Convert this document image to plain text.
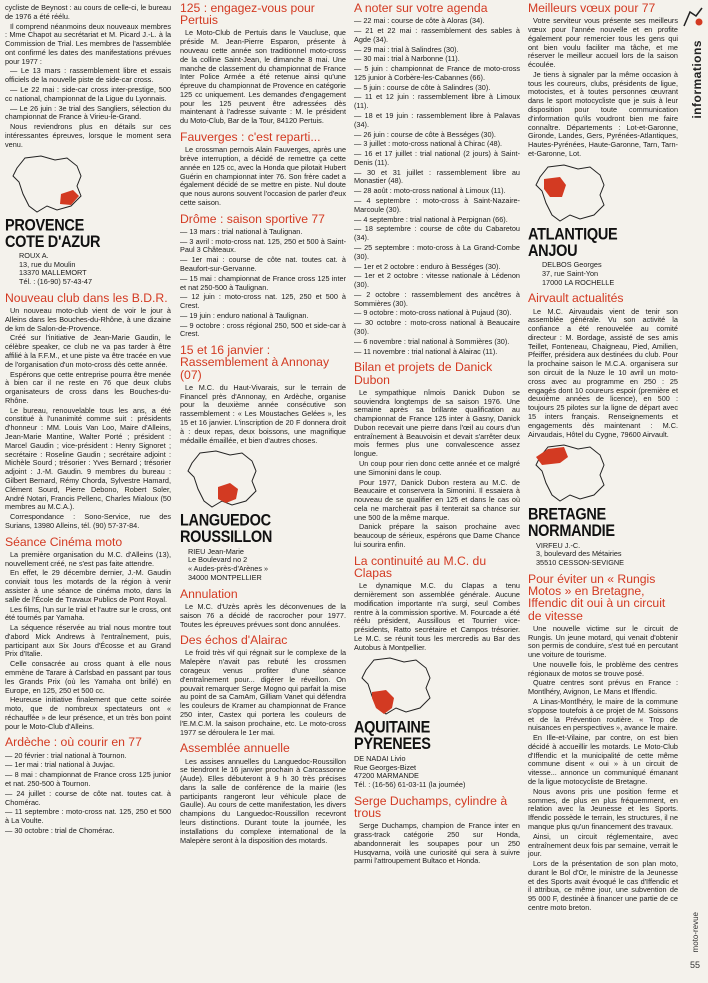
cycliste de Beynost : au cours de celle-ci, le bureau de 1976 a été réélu.

Il comprend néanmoins deux nouveaux membres : Mme Chapot au secrétariat et M. Picard J.-L. à la Commission de Trial. Les membres de l'assemblée ont confirmé les dates des manifestations prévues pour 1977 :

— Le 13 mars : rassemblement libre et essais officiels de la nouvelle piste de side-car cross.

— Le 22 mai : side-car cross inter-prestige, 500 cc national, championnat de la Ligue du Lyonnais.

— Le 26 juin : 3e trial des Sangliers, sélection du championnat de France à Virieu-le-Grand.

Nous reviendrons plus en détails sur ces intéressantes épreuves, lorsque le moment sera venu.

PROVENCE
COTE D'AZUR
ROUX A.
13, rue du Moulin
13370 MALLEMORT
Tél. : (16-90) 57-43-47
Nouveau club dans les B.D.R.

Un nouveau moto-club vient de voir le jour à Alleins dans les Bouches-du-Rhône, à une dizaine de km de Salon-de-Provence.

Créé sur l'initiative de Jean-Marie Gaudin, le célèbre speaker, ce club ne va pas tarder à être affilié à la F.F.M., et une piste va être tracée en vue de l'organisation d'un moto-cross dès cette année.

Espérons que cette entreprise pourra être menée à bien car il ne reste en 76 que deux clubs organisateurs de cross dans les Bouches-du-Rhône.

Le bureau, renouvelable tous les ans, a été constitué à l'unanimité comme suit : présidents d'honneur : MM. Louis Van Loo, Maire d'Alleins, Jean-Marie Mantine, Walter Porté ; président : Marcel Gaudin ; vice-président : Henry Signoret ; secrétaire : Roseline Gaudin ; secrétaire adjoint : Michèle Sourd ; trésorier : Yves Bernard ; trésorier adjoint : J.-M. Gaudin. 9 membres du bureau : Gilbert Bernard, Rémy Chorda, Sylvestre Hamard, Clément Sourd, Pierre Debono, Robert Soler, André Notari, Francis Pellenc, Charles Mialoux (50 membres au M.C.A.).

Correspondance : Sono-Service, rue des Surians, 13980 Alleins, tél. (90) 57-37-84.

Séance Cinéma moto

La première organisation du M.C. d'Alleins (13), nouvellement créé, ne s'est pas faite attendre.

En effet, le 29 décembre dernier, J.-M. Gaudin conviait tous les motards de la région à venir assister à une séance de cinéma moto, dans la salle de l'École de Travaux Publics de Pont Royal.

Les films, l'un sur le trial et l'autre sur le cross, ont été tournés par Yamaha.

La séquence réservée au trial nous montre tout d'abord Mick Andrews à l'entraînement, puis, participant aux Six Jours d'Écosse et au Grand Prix d'Italie.

Celle consacrée au cross quant à elle nous emmène de Tarare à Carlsbad en passant par tous les Grands Prix (où les Yamaha ont brillé) en Europe, en 125, 250 et 500 cc.

Heureuse initiative finalement que cette soirée moto, que de nombreux spectateurs ont « réchauffée » de leur présence, et un très bon point pour le Moto-Club d'Alleins.

Ardèche : où courir en 77

— 20 février : trial national à Tournon.

— 1er mai : trial national à Juvjac.

— 8 mai : championnat de France cross 125 junior et nat. 250-500 à Tournon.

— 24 juillet : course de côte nat. toutes cat. à Chomérac.

— 11 septembre : moto-cross nat. 125, 250 et 500 à La Voulte.

— 30 octobre : trial de Chomérac.

125 : engagez-vous pour Pertuis

Le Moto-Club de Pertuis dans le Vaucluse, que préside M. Jean-Pierre Esparon, présente à nouveau cette année son traditionnel moto-cross de la colline Saint-Jean, le dimanche 8 mai. Une manche de classement du championnat de France Inter Police Armée a été retenue ainsi qu'une épreuve du championnat de Provence en catégorie 125 cc uniquement. Les demandes d'engagement pour les 125 peuvent être adressées dès maintenant à l'adresse suivante : M. le président du Moto-Club, Bar de la Tour, 84120 Pertuis.

Fauverges : c'est reparti...

Le crossman pernois Alain Fauverges, après une brève interruption, a décidé de remettre ça cette année en 125 cc, avec la Honda que pilotait Hubert Guérin en championnat inter 76. Son frère cadet a également décidé de se mettre en piste. Nul doute que nous aurons souvent l'occasion de parler d'eux cette saison.

Drôme : saison sportive 77

— 13 mars : trial national à Taulignan.

— 3 avril : moto-cross nat. 125, 250 et 500 à Saint-Paul 3 Châteaux.

— 1er mai : course de côte nat. toutes cat. à Beaufort-sur-Gervanne.

— 15 mai : championnat de France cross 125 inter et nat 250-500 à Taulignan.

— 12 juin : moto-cross nat. 125, 250 et 500 à Crest.

— 19 juin : enduro national à Taulignan.

— 9 octobre : cross régional 250, 500 et side-car à Crest.

15 et 16 janvier : Rassemblement à Annonay (07)

Le M.C. du Haut-Vivarais, sur le terrain de Financel près d'Annonay, en Ardèche, organise pour la deuxième année consécutive son rassemblement : « Les Moustaches Gelées », les 15 et 16 janvier. L'inscription de 20 F donnera droit à : deux repas, deux boissons, une magnifique médaille émaillée, et bien d'autres choses.

LANGUEDOC
ROUSSILLON
RIEU Jean-Marie
Le Boulevard no 2
« Audes-près-d'Arènes »
34000 MONTPELLIER
Annulation

Le M.C. d'Uzès après les déconvenues de la saison 76 a décidé de raccrocher pour 1977. Toutes les épreuves prévues sont donc annulées.

Des échos d'Alairac

Le froid très vif qui régnait sur le complexe de la Malepère n'avait pas rebuté les crossmen corageux venus profiter d'une séance d'entraînement pour... digérer le réveillon. On pouvait remarquer Serge Mogno qui parfait la mise au point de sa CamAm, Gilliam Vanet qui défendra les couleurs de Kramer au championnat de France 250 inter, Castex qui portera les couleurs de l'E.M.C.M. la saison prochaine, etc. Le moto-cross 1977 se déroulera le 1er mai.

Assemblée annuelle

Les assises annuelles du Languedoc-Roussillon se tiendront le 16 janvier prochain à Carcassonne (Aude). Elles débuteront à 9 h 30 très précises dans la salle de conférence de la mairie (les participants rangeront leur véhicule place de Gaulle). Au cours de cette manifestation, les divers champions du Languedoc-Roussillon recevront leurs distinctions. Durant toute la journée, les installations du complexe international de la Malepère seront à la disposition des motards.

A noter sur votre agenda

— 22 mai : course de côte à Aloras (34).

— 21 et 22 mai : rassemblement des sables à Agde (34).

— 29 mai : trial à Salindres (30).

— 30 mai : trial à Narbonne (11).

— 5 juin : championnat de France de moto-cross 125 junior à Corbère-les-Cabannes (66).

— 5 juin : course de côte à Salindres (30).

— 11 et 12 juin : rassemblement libre à Limoux (11).

— 18 et 19 juin : rassemblement libre à Palavas (34).

— 26 juin : course de côte à Bességes (30).

— 3 juillet : moto-cross national à Chirac (48).

— 16 et 17 juillet : trial national (2 jours) à Saint-Denis (11).

— 30 et 31 juillet : rassemblement libre au Monastier (48).

— 28 août : moto-cross national à Limoux (11).

— 4 septembre : moto-cross à Saint-Nazaire-Marcoule (30).

— 4 septembre : trial national à Perpignan (66).

— 18 septembre : course de côte du Cabaretou (34).

— 25 septembre : moto-cross à La Grand-Combe (30).

— 1er et 2 octobre : enduro à Bességes (30).

— 1er et 2 octobre : vitesse nationale à Lédenon (30).

— 2 octobre : rassemblement des ancêtres à Sommières (30).

— 9 octobre : moto-cross national à Pujaud (30).

— 30 octobre : moto-cross national à Beaucaire (30).

— 6 novembre : trial national à Sommières (30).

— 11 novembre : trial national à Alairac (11).

Bilan et projets de Danick Dubon

Le sympathique nîmois Danick Dubon se souviendra longtemps de sa saison 1976. Une semaine après sa brillante qualification au championnat de France 125 inter à Gasny, Danick Dubon recevait une pierre dans l'œil au cours d'un entraînement à Beauvoisin et devait s'arrêter deux mois fermes plus une convalescence assez longue.

Un coup pour rien donc cette année et ce malgré une Simonini dans le coup.

Pour 1977, Danick Dubon restera au M.C. de Beaucaire et conservera la Simonini. Il essaiera à nouveau de se qualifier en 125 et dans le cas où cela ne marcherait pas il tenterait sa chance sur une 500 de la même marque.

Danick prépare la saison prochaine avec beaucoup de sérieux, espérons que Dame Chance lui sourira enfin.

La continuité au M.C. du Clapas

Le dynamique M.C. du Clapas a tenu dernièrement son assemblée générale. Aucune modification importante n'a surgi, seul Combes rentre à la commission sportive. M. Fourcade a été réélu président, Aussillous et Tourrier vice-présidents, Ratto secrétaire et Campos trésorier. Le M.C. se réunit tous les mercredis au Bar des Autobus à Montpellier.

AQUITAINE
PYRENEES
DE NADAI Livio
Rue Georges-Bizet
47200 MARMANDE
Tél. : (16-56) 61-03-11 (la journée)
Serge Duchamps, cylindre à trous

Serge Duchamps, champion de France inter en grass-track catégorie 250 sur Honda, abandonnerait les soupapes pour un 250 Husqvarna, voilà une curiosité qui sera à suivre parmi l'attroupement Bultaco et Honda.

Meilleurs vœux pour 77

Votre serviteur vous présente ses meilleurs vœux pour l'année nouvelle et en profite également pour remercier tous les gens qui ont bien voulu faciliter ma tâche, et me réserver le meilleur accueil lors de la saison écoulée.

Je tiens à signaler par la même occasion à tous les coureurs, clubs, présidents de ligue, motocistes, et à toutes personnes œuvrant dans le sport motocycliste que je suis à leur disposition pour toute communication d'information qu'ils voudront bien me faire connaître. Départements : Lot-et-Garonne, Gironde, Landes, Gers, Pyrénées-Atlantiques, Hautes-Pyrénées, Haute-Garonne, Tarn, Tarn-et-Garonne, Lot.

ATLANTIQUE
ANJOU
DELBOS Georges
37, rue Saint-Yon
17000 LA ROCHELLE
Airvault actualités

Le M.C. Airvaudais vient de tenir son assemblée générale. Vu son activité la confiance a été renouvelée au comité directeur : M. Bordage, assisté de ses amis Teillet, Fonteneau, Chaigneau, Pied, Amilien, Pfeiffer, présidera aux destinées du club. Pour la prochaine saison le M.C.A. organisera sur son circuit de la Nuze le 10 avril un moto-cross avec au programme en 250 : 25 engagés dont 10 coureurs espoir (première et deuxième années de licence), en 500 : toujours 25 pilotes sur la ligne de départ avec 15 inters français. Renseignements et engagements dès maintenant : M.C. Airvaudais, Hôtel du Cygne, 79600 Airvault.

BRETAGNE
NORMANDIE
VIRFEU J.-C.
3, boulevard des Métairies
35510 CESSON-SEVIGNE
Pour éviter un « Rungis Motos » en Bretagne, Iffendic dit oui à un circuit de vitesse

Une nouvelle victime sur le circuit de Rungis. Un jeune motard, qui venait d'obtenir son permis de conduire, s'est tué en percutant une voiture de tourisme.

Une nouvelle fois, le problème des centres régionaux de motos se trouve posé.

Quatre centres sont prévus en France : Montlhéry, Avignon, Le Mans et Iffendic.

A Linas-Montlhéry, le maire de la commune s'oppose toutefois à ce projet de M. Soissons et de la Prévention routière. « Trop de nuisances en perspectives », avance le maire.

En Ille-et-Vilaine, par contre, on est bien décidé à accueillir les motards. Le Moto-Club d'Iffendic et la municipalité de cette même commune disent « oui » à un circuit de vitesse... annonce un communiqué émanant de la ligue motocycliste de Bretagne.

Nous avons pris une position ferme et sommes, de plus en plus fréquemment, en relation avec la Jeunesse et les Sports. Iffendic possède le terrain, les structures, il ne manque plus qu'un financement des travaux.

Ainsi, un circuit réglementaire, avec entraînement deux fois par semaine, verrait le jour.

Lors de la présentation de son plan moto, durant le Bol d'Or, le ministre de la Jeunesse et des Sports avait évoqué le cas d'Iffendic et il attribua, ce même jour, une subvention de 95 000 F, destinée à financer une partie de ce centre moto breton.

informations
moto-revue
55
